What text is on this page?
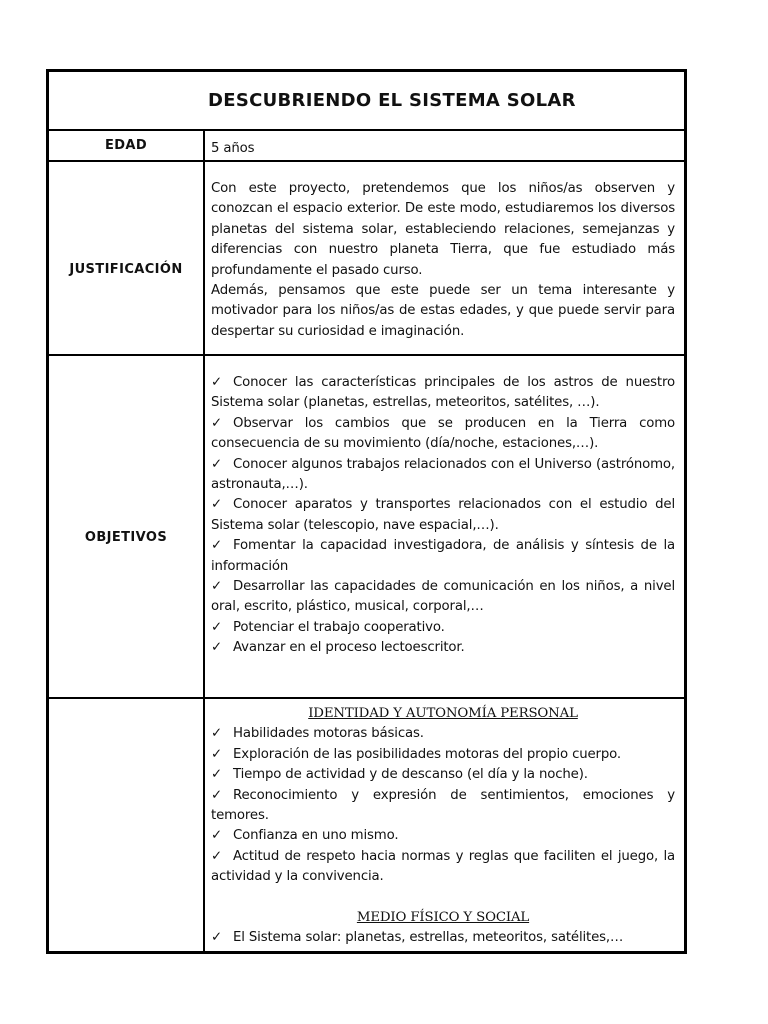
DESCUBRIENDO EL SISTEMA SOLAR
EDAD	5 años
JUSTIFICACIÓN

Con este proyecto, pretendemos que los niños/as observen y conozcan el espacio exterior. De este modo, estudiaremos los diversos planetas del sistema solar, estableciendo relaciones, semejanzas y diferencias con nuestro planeta Tierra, que fue estudiado más profundamente el pasado curso.

Además, pensamos que este puede ser un tema interesante y motivador para los niños/as de estas edades, y que puede servir para despertar su curiosidad e imaginación.

OBJETIVOS

✓ Conocer las características principales de los astros de nuestro Sistema solar (planetas, estrellas, meteoritos, satélites, …).

✓ Observar los cambios que se producen en la Tierra como consecuencia de su movimiento (día/noche, estaciones,…).

✓ Conocer algunos trabajos relacionados con el Universo (astrónomo, astronauta,…).

✓ Conocer aparatos y transportes relacionados con el estudio del Sistema solar (telescopio, nave espacial,…).

✓ Fomentar la capacidad investigadora, de análisis y síntesis de la información

✓ Desarrollar las capacidades de comunicación en los niños, a nivel oral, escrito, plástico, musical, corporal,…

✓ Potenciar el trabajo cooperativo.

✓ Avanzar en el proceso lectoescritor.

IDENTIDAD Y AUTONOMÍA PERSONAL

✓ Habilidades motoras básicas.

✓ Exploración de las posibilidades motoras del propio cuerpo.

✓ Tiempo de actividad y de descanso (el día y la noche).

✓ Reconocimiento y expresión de sentimientos, emociones y temores.

✓ Confianza en uno mismo.

✓ Actitud de respeto hacia normas y reglas que faciliten el juego, la actividad y la convivencia.

MEDIO FÍSICO Y SOCIAL

✓ El Sistema solar: planetas, estrellas, meteoritos, satélites,…
